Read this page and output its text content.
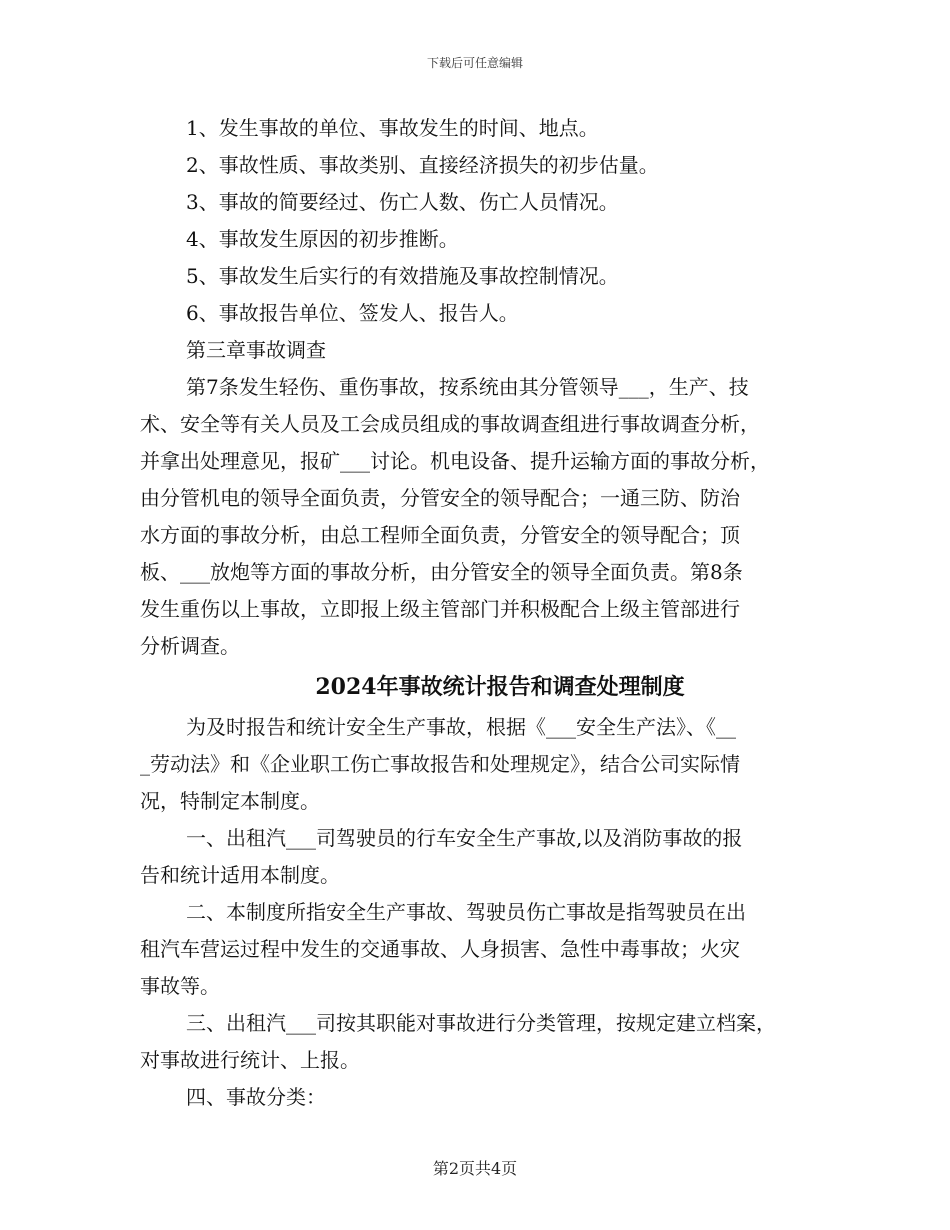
下载后可任意编辑

1、发生事故的单位、事故发生的时间、地点。

2、事故性质、事故类别、直接经济损失的初步估量。

3、事故的简要经过、伤亡人数、伤亡人员情况。

4、事故发生原因的初步推断。

5、事故发生后实行的有效措施及事故控制情况。

6、事故报告单位、签发人、报告人。

第三章事故调查

第7条发生轻伤、重伤事故，按系统由其分管领导___，生产、技

术、安全等有关人员及工会成员组成的事故调查组进行事故调查分析，

并拿出处理意见，报矿___讨论。机电设备、提升运输方面的事故分析，

由分管机电的领导全面负责，分管安全的领导配合；一通三防、防治

水方面的事故分析，由总工程师全面负责，分管安全的领导配合；顶

板、___放炮等方面的事故分析，由分管安全的领导全面负责。第8条

发生重伤以上事故，立即报上级主管部门并积极配合上级主管部进行

分析调查。

2024年事故统计报告和调查处理制度

为及时报告和统计安全生产事故，根据《___安全生产法》、《__

_劳动法》和《企业职工伤亡事故报告和处理规定》，结合公司实际情

况，特制定本制度。

一、出租汽___司驾驶员的行车安全生产事故,以及消防事故的报

告和统计适用本制度。

二、本制度所指安全生产事故、驾驶员伤亡事故是指驾驶员在出

租汽车营运过程中发生的交通事故、人身损害、急性中毒事故；火灾

事故等。

三、出租汽___司按其职能对事故进行分类管理，按规定建立档案，

对事故进行统计、上报。

四、事故分类：

第2页共4页
